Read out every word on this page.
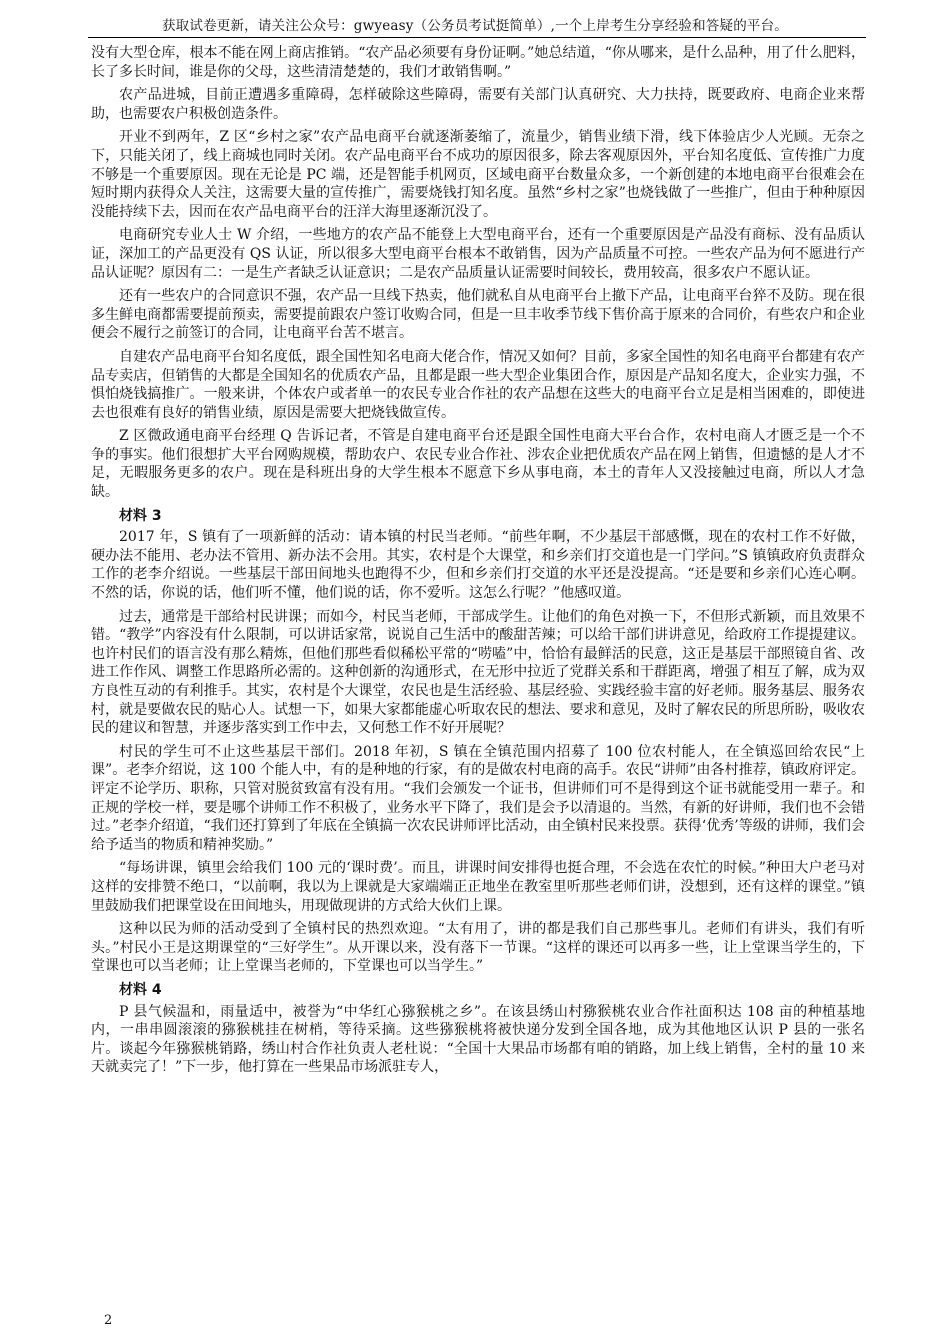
获取试卷更新，请关注公众号：gwyeasy（公务员考试挺简单）,一个上岸考生分享经验和答疑的平台。

没有大型仓库，根本不能在网上商店推销。“农产品必须要有身份证啊。”她总结道，“你从哪来，是什么品种，用了什么肥料，长了多长时间，谁是你的父母，这些清清楚楚的，我们才敢销售啊。”

农产品进城，目前正遭遇多重障碍，怎样破除这些障碍，需要有关部门认真研究、大力扶持，既要政府、电商企业来帮助，也需要农户积极创造条件。

开业不到两年，Z 区“乡村之家”农产品电商平台就逐渐萎缩了，流量少，销售业绩下滑，线下体验店少人光顾。无奈之下，只能关闭了，线上商城也同时关闭。农产品电商平台不成功的原因很多，除去客观原因外，平台知名度低、宣传推广力度不够是一个重要原因。现在无论是 PC 端，还是智能手机网页，区域电商平台数量众多，一个新创建的本地电商平台很难会在短时期内获得众人关注，这需要大量的宣传推广，需要烧钱打知名度。虽然“乡村之家”也烧钱做了一些推广，但由于种种原因没能持续下去，因而在农产品电商平台的汪洋大海里逐渐沉没了。

电商研究专业人士 W 介绍，一些地方的农产品不能登上大型电商平台，还有一个重要原因是产品没有商标、没有品质认证，深加工的产品更没有 QS 认证，所以很多大型电商平台根本不敢销售，因为产品质量不可控。一些农产品为何不愿进行产品认证呢？原因有二：一是生产者缺乏认证意识；二是农产品质量认证需要时间较长，费用较高，很多农户不愿认证。

还有一些农户的合同意识不强，农产品一旦线下热卖，他们就私自从电商平台上撤下产品，让电商平台猝不及防。现在很多生鲜电商都需要提前预卖，需要提前跟农户签订收购合同，但是一旦丰收季节线下售价高于原来的合同价，有些农户和企业便会不履行之前签订的合同，让电商平台苦不堪言。

自建农产品电商平台知名度低，跟全国性知名电商大佬合作，情况又如何？目前，多家全国性的知名电商平台都建有农产品专卖店，但销售的大都是全国知名的优质农产品，且都是跟一些大型企业集团合作，原因是产品知名度大，企业实力强，不惧怕烧钱搞推广。一般来讲，个体农户或者单一的农民专业合作社的农产品想在这些大的电商平台立足是相当困难的，即使进去也很难有良好的销售业绩，原因是需要大把烧钱做宣传。

Z 区微政通电商平台经理 Q 告诉记者，不管是自建电商平台还是跟全国性电商大平台合作，农村电商人才匮乏是一个不争的事实。他们很想扩大平台网购规模，帮助农户、农民专业合作社、涉农企业把优质农产品在网上销售，但遗憾的是人才不足，无暇服务更多的农户。现在是科班出身的大学生根本不愿意下乡从事电商，本土的青年人又没接触过电商，所以人才急缺。

材料 3

2017 年，S 镇有了一项新鲜的活动：请本镇的村民当老师。“前些年啊，不少基层干部感慨，现在的农村工作不好做，硬办法不能用、老办法不管用、新办法不会用。其实，农村是个大课堂，和乡亲们打交道也是一门学问。”S 镇镇政府负责群众工作的老李介绍说。一些基层干部田间地头也跑得不少，但和乡亲们打交道的水平还是没提高。“还是要和乡亲们心连心啊。不然的话，你说的话，他们听不懂，他们说的话，你不爱听。这怎么行呢？”他感叹道。

过去，通常是干部给村民讲课；而如今，村民当老师，干部成学生。让他们的角色对换一下，不但形式新颖，而且效果不错。“教学”内容没有什么限制，可以讲话家常，说说自己生活中的酸甜苦辣；可以给干部们讲讲意见，给政府工作提提建议。也许村民们的语言没有那么精炼，但他们那些看似稀松平常的“唠嗑”中，恰恰有最鲜活的民意，这正是基层干部照镜自省、改进工作作风、调整工作思路所必需的。这种创新的沟通形式，在无形中拉近了党群关系和干群距离，增强了相互了解，成为双方良性互动的有利推手。其实，农村是个大课堂，农民也是生活经验、基层经验、实践经验丰富的好老师。服务基层、服务农村，就是要做农民的贴心人。试想一下，如果大家都能虚心听取农民的想法、要求和意见，及时了解农民的所思所盼，吸收农民的建议和智慧，并逐步落实到工作中去，又何愁工作不好开展呢？

村民的学生可不止这些基层干部们。2018 年初，S 镇在全镇范围内招募了 100 位农村能人，在全镇巡回给农民“上课”。老李介绍说，这 100 个能人中，有的是种地的行家，有的是做农村电商的高手。农民“讲师”由各村推荐，镇政府评定。评定不论学历、职称，只管对脱贫致富有没有用。“我们会颁发一个证书，但讲师们可不是得到这个证书就能受用一辈子。和正规的学校一样，要是哪个讲师工作不积极了，业务水平下降了，我们是会予以清退的。当然，有新的好讲师，我们也不会错过。”老李介绍道，“我们还打算到了年底在全镇搞一次农民讲师评比活动，由全镇村民来投票。获得‘优秀’等级的讲师，我们会给予适当的物质和精神奖励。”

“每场讲课，镇里会给我们 100 元的‘课时费’。而且，讲课时间安排得也挺合理，不会选在农忙的时候。”种田大户老马对这样的安排赞不绝口，“以前啊，我以为上课就是大家端端正正地坐在教室里听那些老师们讲，没想到，还有这样的课堂。”镇里鼓励我们把课堂设在田间地头，用现做现讲的方式给大伙们上课。

这种以民为师的活动受到了全镇村民的热烈欢迎。“太有用了，讲的都是我们自己那些事儿。老师们有讲头，我们有听头。”村民小王是这期课堂的“三好学生”。从开课以来，没有落下一节课。“这样的课还可以再多一些，让上堂课当学生的，下堂课也可以当老师；让上堂课当老师的，下堂课也可以当学生。”

材料 4

P 县气候温和，雨量适中，被誉为“中华红心猕猴桃之乡”。在该县绣山村猕猴桃农业合作社面积达 108 亩的种植基地内，一串串圆滚滚的猕猴桃挂在树梢，等待采摘。这些猕猴桃将被快递分发到全国各地，成为其他地区认识 P 县的一张名片。谈起今年猕猴桃销路，绣山村合作社负责人老杜说：“全国十大果品市场都有咱的销路，加上线上销售，全村的量 10 来天就卖完了！”下一步，他打算在一些果品市场派驻专人，

2
